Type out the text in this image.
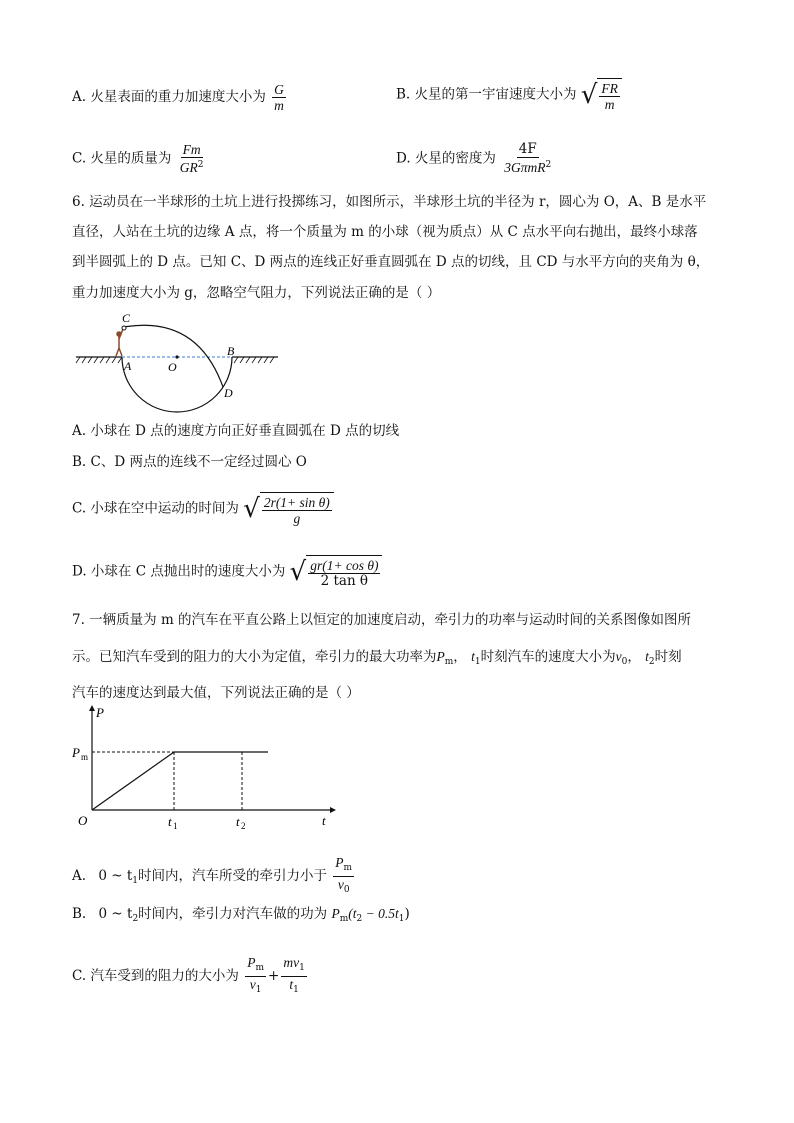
A. 火星表面的重力加速度大小为 $\frac{G}{m}$	B. 火星的第一宇宙速度大小为 √ $\frac{FR}{m}$
C. 火星的质量为 $\frac{Fm}{GR^2}$	D. 火星的密度为 $\frac{4F}{3G\pi mR^2}$
6. 运动员在一半球形的土坑上进行投掷练习，如图所示，半球形土坑的半径为 r，圆心为 O，A、B 是水平
直径，人站在土坑的边缘 A 点，将一个质量为 m 的小球（视为质点）从 C 点水平向右抛出，最终小球落
到半圆弧上的 D 点。已知 C、D 两点的连线正好垂直圆弧在 D 点的切线，且 CD 与水平方向的夹角为 θ，
重力加速度大小为 g，忽略空气阻力，下列说法正确的是（ ）
C
A	O
B
D
A. 小球在 D 点的速度方向正好垂直圆弧在 D 点的切线
B. C、D 两点的连线不一定经过圆心 O
C. 小球在空中运动的时间为 √ $\frac{\text{2r(1+ sin θ)}}{g}$
D. 小球在 C 点抛出时的速度大小为 √ $\frac{\text{gr(1+ cos θ)}}{\text{2 tan θ}}$
7. 一辆质量为 m 的汽车在平直公路上以恒定的加速度启动，牵引力的功率与运动时间的关系图像如图所
示。已知汽车受到的阻力的大小为定值，牵引力的最大功率为$P_m$， $t_1$时刻汽车的速度大小为$v_0$， $t_2$时刻
汽车的速度达到最大值，下列说法正确的是（ ）
P
t
O
P m
t 1	t 2
A. 0 ~ $t_1$时间内，汽车所受的牵引力小于 $\frac{P_m}{v_0}$
B. 0 ~ $t_2$时间内，牵引力对汽车做的功为 $P_m(t_2 - 0.5t_1)$
C. 汽车受到的阻力的大小为 $\frac{P_m}{v_1} + \frac{mv_1}{t_1}$
